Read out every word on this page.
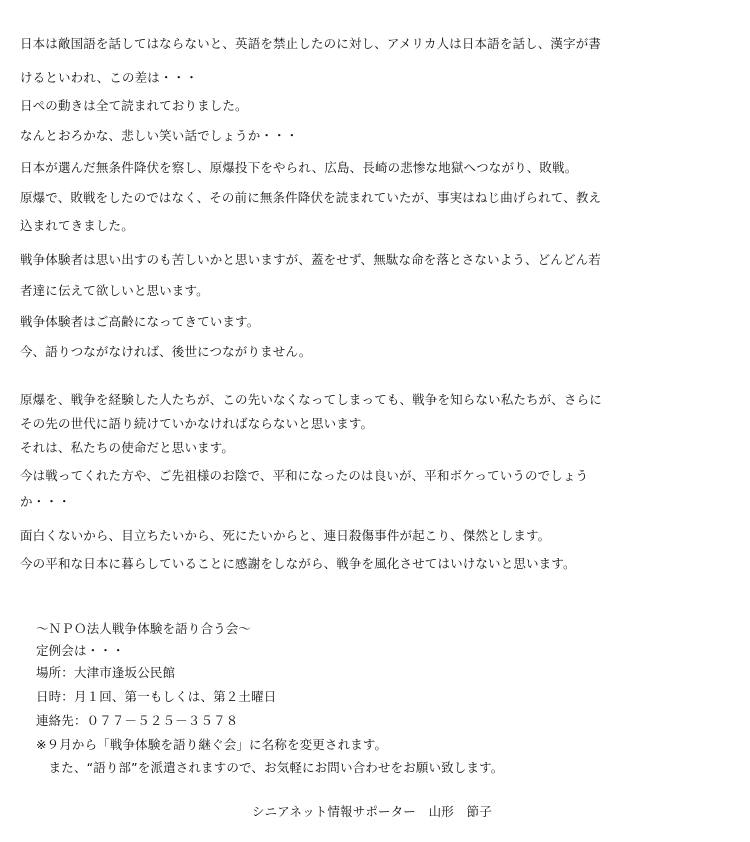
日本は敵国語を話してはならないと、英語を禁止したのに対し、アメリカ人は日本語を話し、漢字が書

けるといわれ、この差は・・・

日ぺの動きは全て読まれておりました。

なんとおろかな、悲しい笑い話でしょうか・・・

日本が選んだ無条件降伏を察し、原爆投下をやられ、広島、長崎の悲惨な地獄へつながり、敗戦。

原爆で、敗戦をしたのではなく、その前に無条件降伏を読まれていたが、事実はねじ曲げられて、教え

込まれてきました。

戦争体験者は思い出すのも苦しいかと思いますが、蓋をせず、無駄な命を落とさないよう、どんどん若

者達に伝えて欲しいと思います。

戦争体験者はご高齢になってきています。

今、語りつながなければ、後世につながりません。

原爆を、戦争を経験した人たちが、この先いなくなってしまっても、戦争を知らない私たちが、さらに

その先の世代に語り続けていかなければならないと思います。

それは、私たちの使命だと思います。

今は戦ってくれた方や、ご先祖様のお陰で、平和になったのは良いが、平和ボケっていうのでしょう

か・・・

面白くないから、目立ちたいから、死にたいからと、連日殺傷事件が起こり、傑然とします。

今の平和な日本に暮らしていることに感謝をしながら、戦争を風化させてはいけないと思います。

～ＮＰＯ法人戦争体験を語り合う会～

定例会は・・・

場所：大津市逢坂公民館

日時：月１回、第一もしくは、第２土曜日

連絡先：０７７－５２５－３５７８

※９月から「戦争体験を語り継ぐ会」に名称を変更されます。

　また、“語り部”を派遣されますので、お気軽にお問い合わせをお願い致します。

シニアネット情報サポーター　山形　節子
